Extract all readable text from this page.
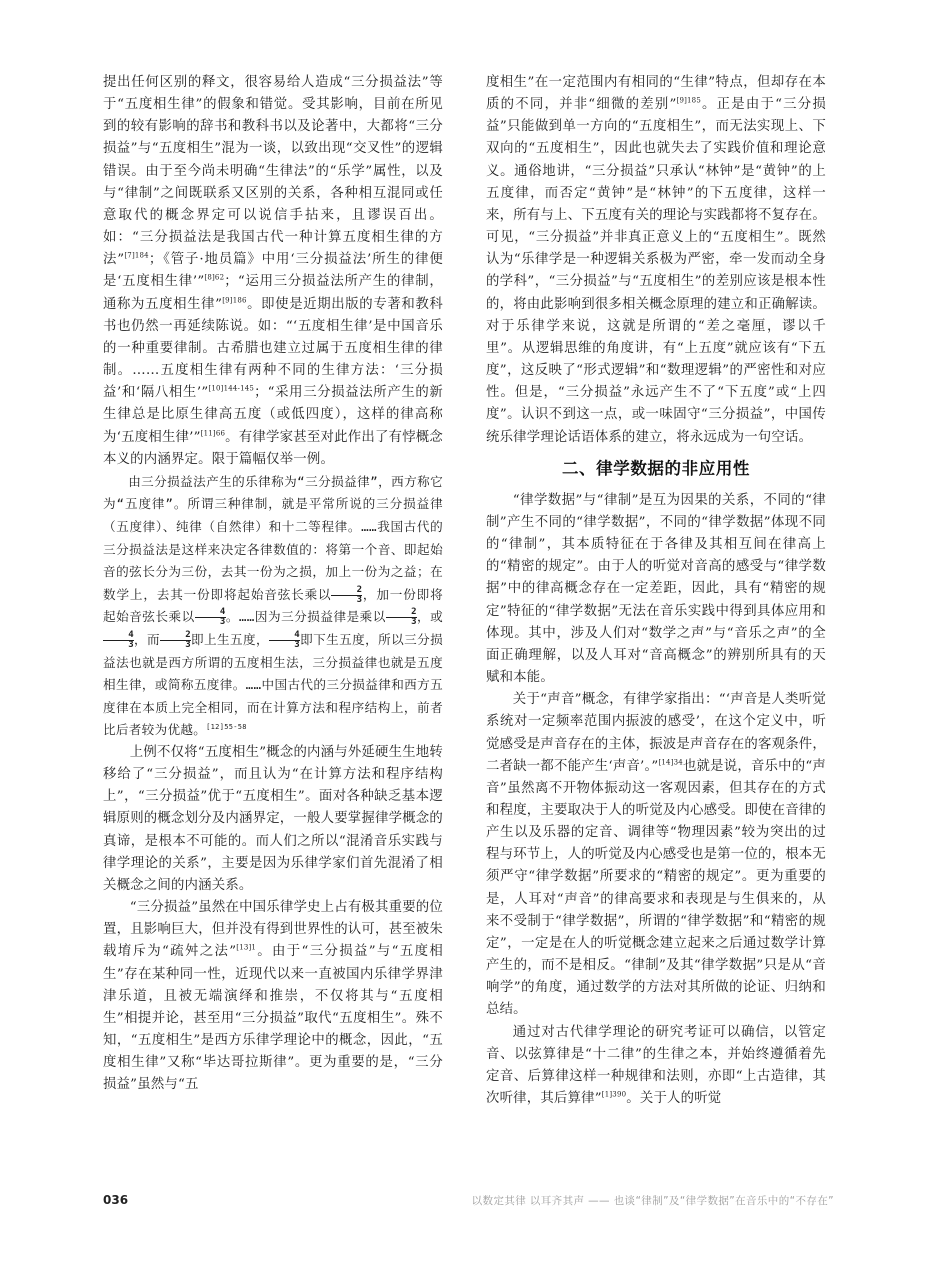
提出任何区别的释文，很容易给人造成“三分损益法”等于“五度相生律”的假象和错觉。受其影响，目前在所见到的较有影响的辞书和教科书以及论著中，大都将“三分损益”与“五度相生”混为一谈，以致出现“交叉性”的逻辑错误。由于至今尚未明确“生律法”的“乐学”属性，以及与“律制”之间既联系又区别的关系，各种相互混同或任意取代的概念界定可以说信手拈来，且谬误百出。如：“三分损益法是我国古代一种计算五度相生律的方法”$^{[7]184}$；《管子·地员篇》中用‘三分损益法’所生的律便是‘五度相生律’”$^{[8]62}$；“运用三分损益法所产生的律制，通称为五度相生律”$^{[9]186}$。即使是近期出版的专著和教科书也仍然一再延续陈说。如：“‘五度相生律’是中国音乐的一种重要律制。古希腊也建立过属于五度相生律的律制。……五度相生律有两种不同的生律方法：‘三分损益’和‘隔八相生’”$^{[10]144-145}$；“采用三分损益法所产生的新生律总是比原生律高五度（或低四度），这样的律高称为‘五度相生律’”$^{[11]66}$。有律学家甚至对此作出了有悖概念本义的内涵界定。限于篇幅仅举一例。

由三分损益法产生的乐律称为“三分损益律”，西方称它为“五度律”。所谓三种律制，就是平常所说的三分损益律（五度律）、纯律（自然律）和十二等程律。……我国古代的三分损益法是这样来决定各律数值的：将第一个音、即起始音的弦长分为三份，去其一份为之损，加上一份为之益；在数学上，去其一份即将起始音弦长乘以 $\frac{2}{3}$ ，加一份即将起始音弦长乘以 $\frac{4}{3}$ 。……因为三分损益律是乘以 $\frac{2}{3}$ ，或
$\frac{4}{3}$ ，而 $\frac{2}{3}$ 即上生五度， $\frac{4}{3}$ 即下生五度，所以三分损益法也就是西方所谓的五度相生法，三分损益律也就是五度相生律，或简称五度律。……中国古代的三分损益律和西方五度律在本质上完全相同，而在计算方法和程序结构上，前者比后者较为优越。$^{[12]55-58}$

上例不仅将“五度相生”概念的内涵与外延硬生生地转移给了“三分损益”，而且认为“在计算方法和程序结构上”，“三分损益”优于“五度相生”。面对各种缺乏基本逻辑原则的概念划分及内涵界定，一般人要掌握律学概念的真谛，是根本不可能的。而人们之所以“混淆音乐实践与律学理论的关系”，主要是因为乐律学家们首先混淆了相关概念之间的内涵关系。

“三分损益”虽然在中国乐律学史上占有极其重要的位置，且影响巨大，但并没有得到世界性的认可，甚至被朱载堉斥为“疏舛之法”$^{[13]1}$。由于“三分损益”与“五度相生”存在某种同一性，近现代以来一直被国内乐律学界津津乐道，且被无端演绎和推崇，不仅将其与“五度相生”相提并论，甚至用“三分损益”取代“五度相生”。殊不知，“五度相生”是西方乐律学理论中的概念，因此，“五度相生律”又称“毕达哥拉斯律”。更为重要的是，“三分损益”虽然与“五

度相生”在一定范围内有相同的“生律”特点，但却存在本质的不同，并非“细微的差别”$^{[9]185}$。正是由于“三分损益”只能做到单一方向的“五度相生”，而无法实现上、下双向的“五度相生”，因此也就失去了实践价值和理论意义。通俗地讲，“三分损益”只承认“林钟”是“黄钟”的上五度律，而否定“黄钟”是“林钟”的下五度律，这样一来，所有与上、下五度有关的理论与实践都将不复存在。可见，“三分损益”并非真正意义上的“五度相生”。既然认为“乐律学是一种逻辑关系极为严密，牵一发而动全身的学科”，“三分损益”与“五度相生”的差别应该是根本性的，将由此影响到很多相关概念原理的建立和正确解读。对于乐律学来说，这就是所谓的“差之毫厘，谬以千里”。从逻辑思维的角度讲，有“上五度”就应该有“下五度”，这反映了“形式逻辑”和“数理逻辑”的严密性和对应性。但是，“三分损益”永远产生不了“下五度”或“上四度”。认识不到这一点，或一味固守“三分损益”，中国传统乐律学理论话语体系的建立，将永远成为一句空话。

二、律学数据的非应用性

“律学数据”与“律制”是互为因果的关系，不同的“律制”产生不同的“律学数据”，不同的“律学数据”体现不同的“律制”，其本质特征在于各律及其相互间在律高上的“精密的规定”。由于人的听觉对音高的感受与“律学数据”中的律高概念存在一定差距，因此，具有“精密的规定”特征的“律学数据”无法在音乐实践中得到具体应用和体现。其中，涉及人们对“数学之声”与“音乐之声”的全面正确理解，以及人耳对“音高概念”的辨别所具有的天赋和本能。

关于“声音”概念，有律学家指出：“‘声音是人类听觉系统对一定频率范围内振波的感受’，在这个定义中，听觉感受是声音存在的主体，振波是声音存在的客观条件，二者缺一都不能产生‘声音’。”$^{[14]34}$也就是说，音乐中的“声音”虽然离不开物体振动这一客观因素，但其存在的方式和程度，主要取决于人的听觉及内心感受。即使在音律的产生以及乐器的定音、调律等“物理因素”较为突出的过程与环节上，人的听觉及内心感受也是第一位的，根本无须严守“律学数据”所要求的“精密的规定”。更为重要的是，人耳对“声音”的律高要求和表现是与生俱来的，从来不受制于“律学数据”，所谓的“律学数据”和“精密的规定”，一定是在人的听觉概念建立起来之后通过数学计算产生的，而不是相反。“律制”及其“律学数据”只是从“音响学”的角度，通过数学的方法对其所做的论证、归纳和总结。

通过对古代律学理论的研究考证可以确信，以管定音、以弦算律是“十二律”的生律之本，并始终遵循着先定音、后算律这样一种规律和法则，亦即“上古造律，其次听律，其后算律”$^{[1]390}$。关于人的听觉

036	以数定其律 以耳齐其声 —— 也谈“律制”及“律学数据”在音乐中的“不存在”
